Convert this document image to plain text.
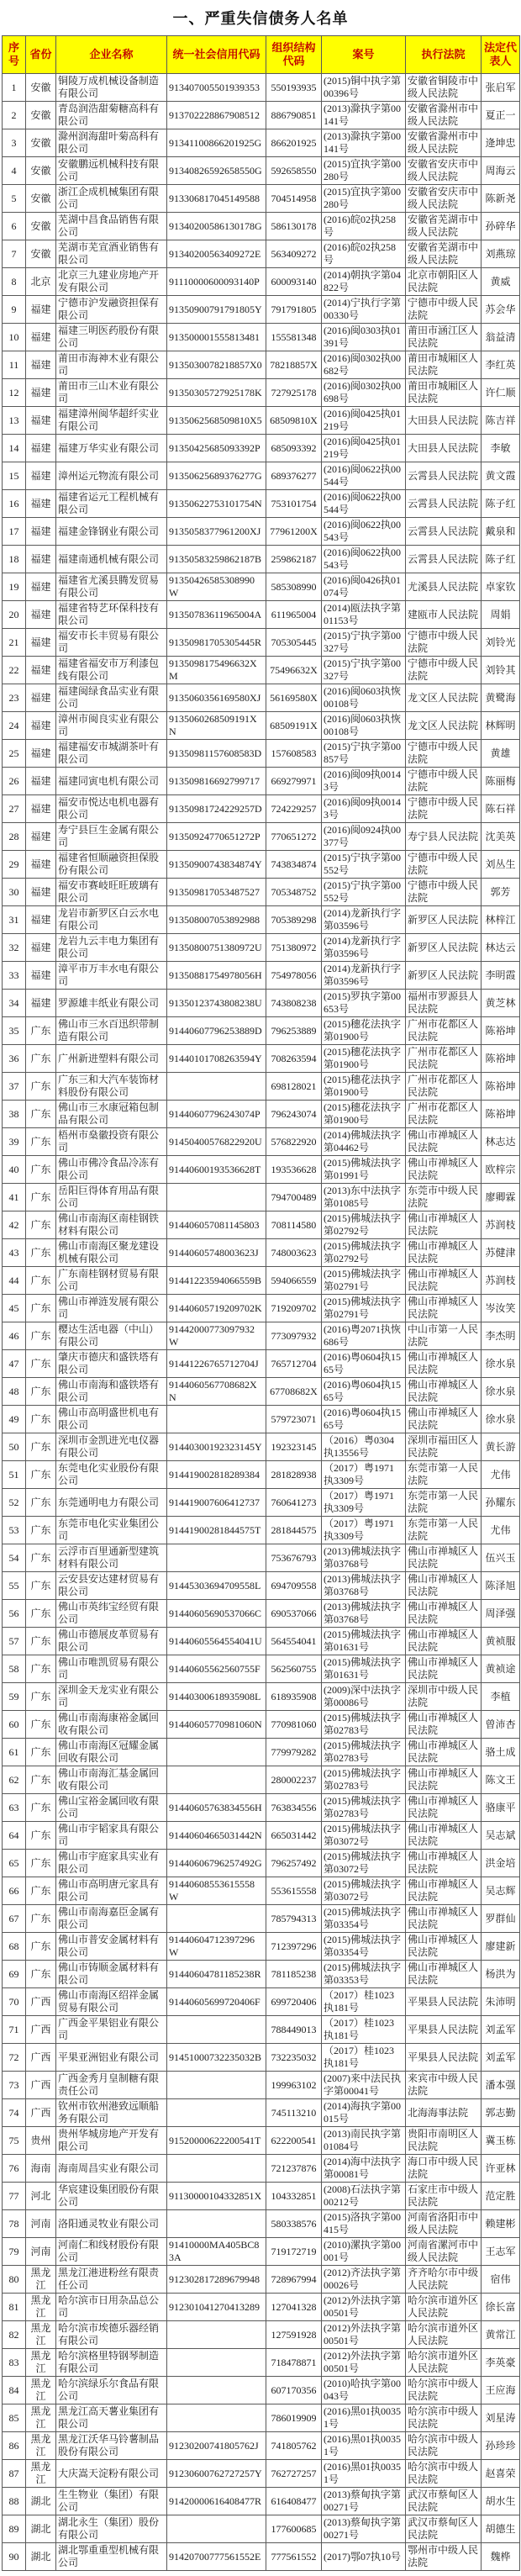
一、严重失信债务人名单
序号	省份	企业名称	统一社会信用代码	组织结构代码	案号	执行法院	法定代表人
1	安徽	铜陵万成机械设备制造有限公司	913407005501939353	550193935	(2015)铜中执字第00396号	安徽省铜陵市中级人民法院	张启军
2	安徽	青岛润浩甜菊糖高科有限公司	913702228867908512	886790851	(2013)滁执字第00141号	安徽省滁州市中级人民法院	夏正一
3	安徽	滁州润海甜叶菊高科有限公司	91341100866201925G	866201925	(2013)滁执字第00141号	安徽省滁州市中级人民法院	逄坤忠
4	安徽	安徽鹏远机械科技有限公司	91340826592658550G	592658550	(2015)宜执字第00280号	安徽省安庆市中级人民法院	周海云
5	安徽	浙江企成机械集团有限公司	913306817045149588	704514958	(2015)宜执字第00280号	安徽省安庆市中级人民法院	陈新尧
6	安徽	芜湖中昌食品销售有限公司	91340200586130178G	586130178	(2016)皖02执258号	安徽省芜湖市中级人民法院	孙碎华
7	安徽	芜湖市芜宣酒业销售有限公司	91340200563409272E	563409272	(2016)皖02执258号	安徽省芜湖市中级人民法院	刘燕琼
8	北京	北京三九建业房地产开发有限公司	91110000600093140P	600093140	(2014)朝执字第04822号	北京市朝阳区人民法院	黄威
9	福建	宁德市沪发融资担保有限公司	91350900791791805Y	791791805	(2014)宁执行字第00330号	宁德市中级人民法院	苏会华
10	福建	福建三明医药股份有限公司	913500001555813481	155581348	(2016)闽0303执01391号	莆田市涵江区人民法院	翁益清
11	福建	莆田市海神木业有限公司	9135030078218857X0	78218857X	(2016)闽0302执00682号	莆田市城厢区人民法院	李红英
12	福建	莆田市三山木业有限公司	91350305727925178K	727925178	(2016)闽0302执00698号	莆田市城厢区人民法院	许仁顺
13	福建	福建漳州闽华超纤实业有限公司	9135062568509810X5	68509810X	(2016)闽0425执01219号	大田县人民法院	陈吉祥
14	福建	福建万华实业有限公司	91350425685093392P	685093392	(2016)闽0425执01219号	大田县人民法院	李敏
15	福建	漳州运元物流有限公司	91350625689376277G	689376277	(2016)闽0622执00544号	云霄县人民法院	黄文霞
16	福建	福建省运元工程机械有限公司	91350622753101754N	753101754	(2016)闽0622执00544号	云霄县人民法院	陈子红
17	福建	福建金锋钢业有限公司	9135058377961200XJ	77961200X	(2016)闽0622执00543号	云霄县人民法院	戴泉和
18	福建	福建南通机械有限公司	91350583259862187B	259862187	(2016)闽0622执00543号	云霄县人民法院	陈子红
19	福建	福建省尤溪县腾发贸易有限公司	91350426585308990W	585308990	(2016)闽0426执01074号	尤溪县人民法院	卓家钦
20	福建	福建省特艺环保科技有限公司	91350783611965004A	611965004	(2014)瓯法执字第01153号	建瓯市人民法院	周娟
21	福建	福安市长丰贸易有限公司	91350981705305445R	705305445	(2015)宁执字第00327号	宁德市中级人民法院	刘铃光
22	福建	福建省福安市万利漆包线有限公司	9135098175496632XM	75496632X	(2015)宁执字第00327号	宁德市中级人民法院	刘铃其
23	福建	福建闽绿食品实业有限公司	9135060356169580XJ	56169580X	(2016)闽0603执恢00108号	龙文区人民法院	黄鹭海
24	福建	漳州市闽良实业有限公司	9135060268509191XN	68509191X	(2016)闽0603执恢00108号	龙文区人民法院	林辉明
25	福建	福建福安市城湖茶叶有限公司	91350981157608583D	157608583	(2015)宁执字第00857号	宁德市中级人民法院	黄雄
26	福建	福建同寅电机有限公司	913509816692799717	669279971	(2016)闽09执00143号	宁德市中级人民法院	陈丽梅
27	福建	福安市悦达电机电器有限公司	91350981724229257D	724229257	(2016)闽09执00143号	宁德市中级人民法院	陈石祥
28	福建	寿宁县巨生金属有限公司	91350924770651272P	770651272	(2016)闽0924执00377号	寿宁县人民法院	沈美英
29	福建	福建省恒顺融资担保股份有限公司	91350900743834874Y	743834874	(2015)宁执字第00552号	宁德市中级人民法院	刘丛生
30	福建	福安市赛岐旺旺玻璃有限公司	913509817053487527	705348752	(2015)宁执字第00552号	宁德市中级人民法院	郭芳
31	福建	龙岩市新罗区白云水电有限公司	913508007053892988	705389298	(2014)龙新执行字第03596号	新罗区人民法院	林梓江
32	福建	龙岩九云丰电力集团有限公司	91350800751380972U	751380972	(2014)龙新执行字第03596号	新罗区人民法院	林达云
33	福建	漳平市万丰水电有限公司	91350881754978056H	754978056	(2014)龙新执行字第03596号	新罗区人民法院	李明霞
34	福建	罗源雄丰纸业有限公司	91350123743808238U	743808238	(2015)罗执字第00653号	福州市罗源县人民法院	黄芝林
35	广东	佛山市三水百迅织带制造有限公司	91440607796253889D	796253889	(2015)穗花法执字第01900号	广州市花都区人民法院	陈裕坤
36	广东	广州新进塑料有限公司	91440101708263594Y	708263594	(2015)穗花法执字第01900号	广州市花都区人民法院	陈裕坤
37	广东	广东三和大汽车装饰材料股份有限公司		698128021	(2015)穗花法执字第01900号	广州市花都区人民法院	陈裕坤
38	广东	佛山市三水康冠箱包制品有限公司	91440607796243074P	796243074	(2015)穗花法执字第01900号	广州市花都区人民法院	陈裕坤
39	广东	梧州市燊徽投资有限公司	91450400576822920U	576822920	(2014)佛城法执字第04462号	佛山市禅城区人民法院	林志达
40	广东	佛山市佛冷食品冷冻有限公司	91440600193536628T	193536628	(2015)佛城法执字第01991号	佛山市禅城区人民法院	欧梓宗
41	广东	岳阳巨得体育用品有限公司		794700489	(2013)东中法执字第01085号	东莞市中级人民法院	廖卿霖
42	广东	佛山市南海区南桂钢铁材料有限公司	914406057081145803	708114580	(2015)佛城法执字第02792号	佛山市禅城区人民法院	苏润枝
43	广东	佛山市南海区聚龙建设机械有限公司	91440605748003623J	748003623	(2015)佛城法执字第02792号	佛山市禅城区人民法院	苏健津
44	广东	广东南桂钢材贸易有限公司	91441223594066559B	594066559	(2015)佛城法执字第02791号	佛山市禅城区人民法院	苏润枝
45	广东	佛山市禅涟发展有限公司	91440605719209702K	719209702	(2015)佛城法执字第02791号	佛山市禅城区人民法院	岑汝笑
46	广东	樱达生活电器（中山）有限公司	91442000773097932W	773097932	(2016)粤2071执恢686号	中山市第一人民法院	李杰明
47	广东	肇庆市德庆和盛铁塔有限公司	91441226765712704J	765712704	(2016)粤0604执1565号	佛山市禅城区人民法院	徐水泉
48	广东	佛山市南海和盛铁塔有限公司	9144060567708682XN	67708682X	(2016)粤0604执1565号	佛山市禅城区人民法院	徐水泉
49	广东	佛山市高明盛世机电有限公司		579723071	(2016)粤0604执1565号	佛山市禅城区人民法院	徐水泉
50	广东	深圳市金凯进光电仪器有限公司	91440300192323145Y	192323145	（2016）粤0304执13556号	深圳市福田区人民法院	黄长游
51	广东	东莞电化实业股份有限公司	914419002818289384	281828938	（2017）粤1971执3309号	东莞市第一人民法院	尤伟
52	广东	东莞通明电力有限公司	914419007606412737	760641273	（2017）粤1971执3309号	东莞市第一人民法院	孙耀东
53	广东	东莞市电化实业集团公司	91441900281844575T	281844575	（2017）粤1971执3309号	东莞市第一人民法院	尤伟
54	广东	云浮市百里通新型建筑材料有限公司		753676793	(2013)佛城法执字第03768号	佛山市禅城区人民法院	伍兴玉
55	广东	云安县安达建材贸易有限公司	91445303694709558L	694709558	(2013)佛城法执字第03768号	佛山市禅城区人民法院	陈泽旭
56	广东	佛山市英纬宝经贸有限公司	91440605690537066C	690537066	(2013)佛城法执字第03768号	佛山市禅城区人民法院	周泽强
57	广东	佛山市德展皮革贸易有限公司	91440605564554041U	564554041	(2015)佛城法执字第01631号	佛山市禅城区人民法院	黄祯服
58	广东	佛山市唯凯贸易有限公司	91440605562560755F	562560755	(2015)佛城法执字第01631号	佛山市禅城区人民法院	黄祯途
59	广东	深圳金天龙实业有限公司	91440300618935908L	618935908	(2009)深中法执字第00086号	深圳市中级人民法院	李植
60	广东	佛山市南海康裕金属回收有限公司	91440605770981060N	770981060	(2015)佛城法执字第02783号	佛山市禅城区人民法院	曾沛杏
61	广东	佛山市南海区冠耀金属回收有限公司		779979282	(2015)佛城法执字第02783号	佛山市禅城区人民法院	骆土成
62	广东	佛山市南海汇基金属回收有限公司		280002237	(2015)佛城法执字第02783号	佛山市禅城区人民法院	陈文王
63	广东	佛山宝裕金属回收有限公司	91440605763834556H	763834556	(2015)佛城法执字第02783号	佛山市禅城区人民法院	骆康平
64	广东	佛山市宇韬家具有限公司	91440604665031442N	665031442	(2015)佛城法执字第03072号	佛山市禅城区人民法院	吴志斌
65	广东	佛山市宇庭家具实业有限公司	91440606796257492G	796257492	(2015)佛城法执字第03072号	佛山市禅城区人民法院	洪金培
66	广东	佛山市高明唐元家具有限公司	91440608553615558W	553615558	(2015)佛城法执字第03072号	佛山市禅城区人民法院	吴志辉
67	广东	佛山市南海嘉臣金属有限公司		785794313	(2015)佛城法执字第03354号	佛山市禅城区人民法院	罗群仙
68	广东	佛山市普安金属材料有限公司	91440604712397296W	712397296	(2015)佛城法执字第03354号	佛山市禅城区人民法院	廖建新
69	广东	佛山市铸顺金属材料有限公司	91440604781185238R	781185238	(2015)佛城法执字第03353号	佛山市禅城区人民法院	杨洪为
70	广西	佛山市南海区绍祥金属贸易有限公司	91440605699720406F	699720406	（2017）桂1023执181号	平果县人民法院	朱沛明
71	广西	广西金平果铝业有限公司		788449013	（2017）桂1023执181号	平果县人民法院	刘孟军
72	广西	平果亚洲铝业有限公司	91451000732235032B	732235032	（2017）桂1023执181号	平果县人民法院	刘孟军
73	广西	广西金秀月皇制糖有限责任公司		199963102	(2007)来中法民执字第00041号	来宾市中级人民法院	潘本强
74	广西	钦州市钦州港致远顺船务有限公司		745113210	(2014)海执字第00015号	北海海事法院	郭志勤
75	贵州	贵州华城房地产开发有限公司	91520000622200541T	622200541	(2013)南民执字第01084号	贵阳市南明区人民法院	冀玉栋
76	海南	海南周昌实业有限公司		721237876	(2014)海中法执字第00081号	海口市中级人民法院	许亚林
77	河北	华宸建设集团股份有限公司	91130000104332851X	104332851	(2008)石法执字第00212号	石家庄市中级人民法院	范定胜
78	河南	洛阳通灵牧业有限公司		580338576	(2015)洛执字第00415号	河南省洛阳市中级人民法院	赖建彬
79	河南	河南仁和线材股份有限公司	91410000MA405BC83A	719172719	(2010)漯执字第00001号	河南省漯河市中级人民法院	王志军
80	黑龙江	黑龙江港进粉丝有限责任公司	912302817289679948	728967994	(2012)齐法执字第00026号	齐齐哈尔市中级人民法院	宿伟
81	黑龙江	哈尔滨市日用杂品总公司	912301041270413289	127041328	(2012)外法执字第00501号	哈尔滨市道外区人民法院	徐长富
82	黑龙江	哈尔滨市埃德乐器经销有限公司		127591928	(2012)外法执字第00501号	哈尔滨市道外区人民法院	黄常江
83	黑龙江	哈尔滨格里特钢琴制造有限公司		718478871	(2012)外法执字第00501号	哈尔滨市道外区人民法院	李英豪
84	黑龙江	哈尔滨绿乐尔食品有限公司		607170356	(2010)哈执字第00043号	哈尔滨市中级人民法院	王应海
85	黑龙江	黑龙江高天薯业集团有限公司		786019909	(2016)黑01执00351号	哈尔滨市中级人民法院	刘星涛
86	黑龙江	黑龙江沃华马铃薯制品股份有限公司	91230200741805762J	741805762	(2016)黑01执00351号	哈尔滨市中级人民法院	孙珍珍
87	黑龙江	大庆嵩天淀粉有限公司	91230600762727257Y	762727257	(2016)黑01执00351号	哈尔滨市中级人民法院	赵喜荣
88	湖北	生生物业（集团）有限公司	91420000616408477R	616408477	(2013)蔡甸执字第00271号	武汉市蔡甸区人民法院	胡水生
89	湖北	湖北永生（集团）股份有限公司		177600685	(2013)蔡甸执字第00271号	武汉市蔡甸区人民法院	胡德生
90	湖北	湖北鄂重重型机械有限公司	91420700777561552E	777561552	(2017)鄂07执10号	鄂州市中级人民法院	魏桦
